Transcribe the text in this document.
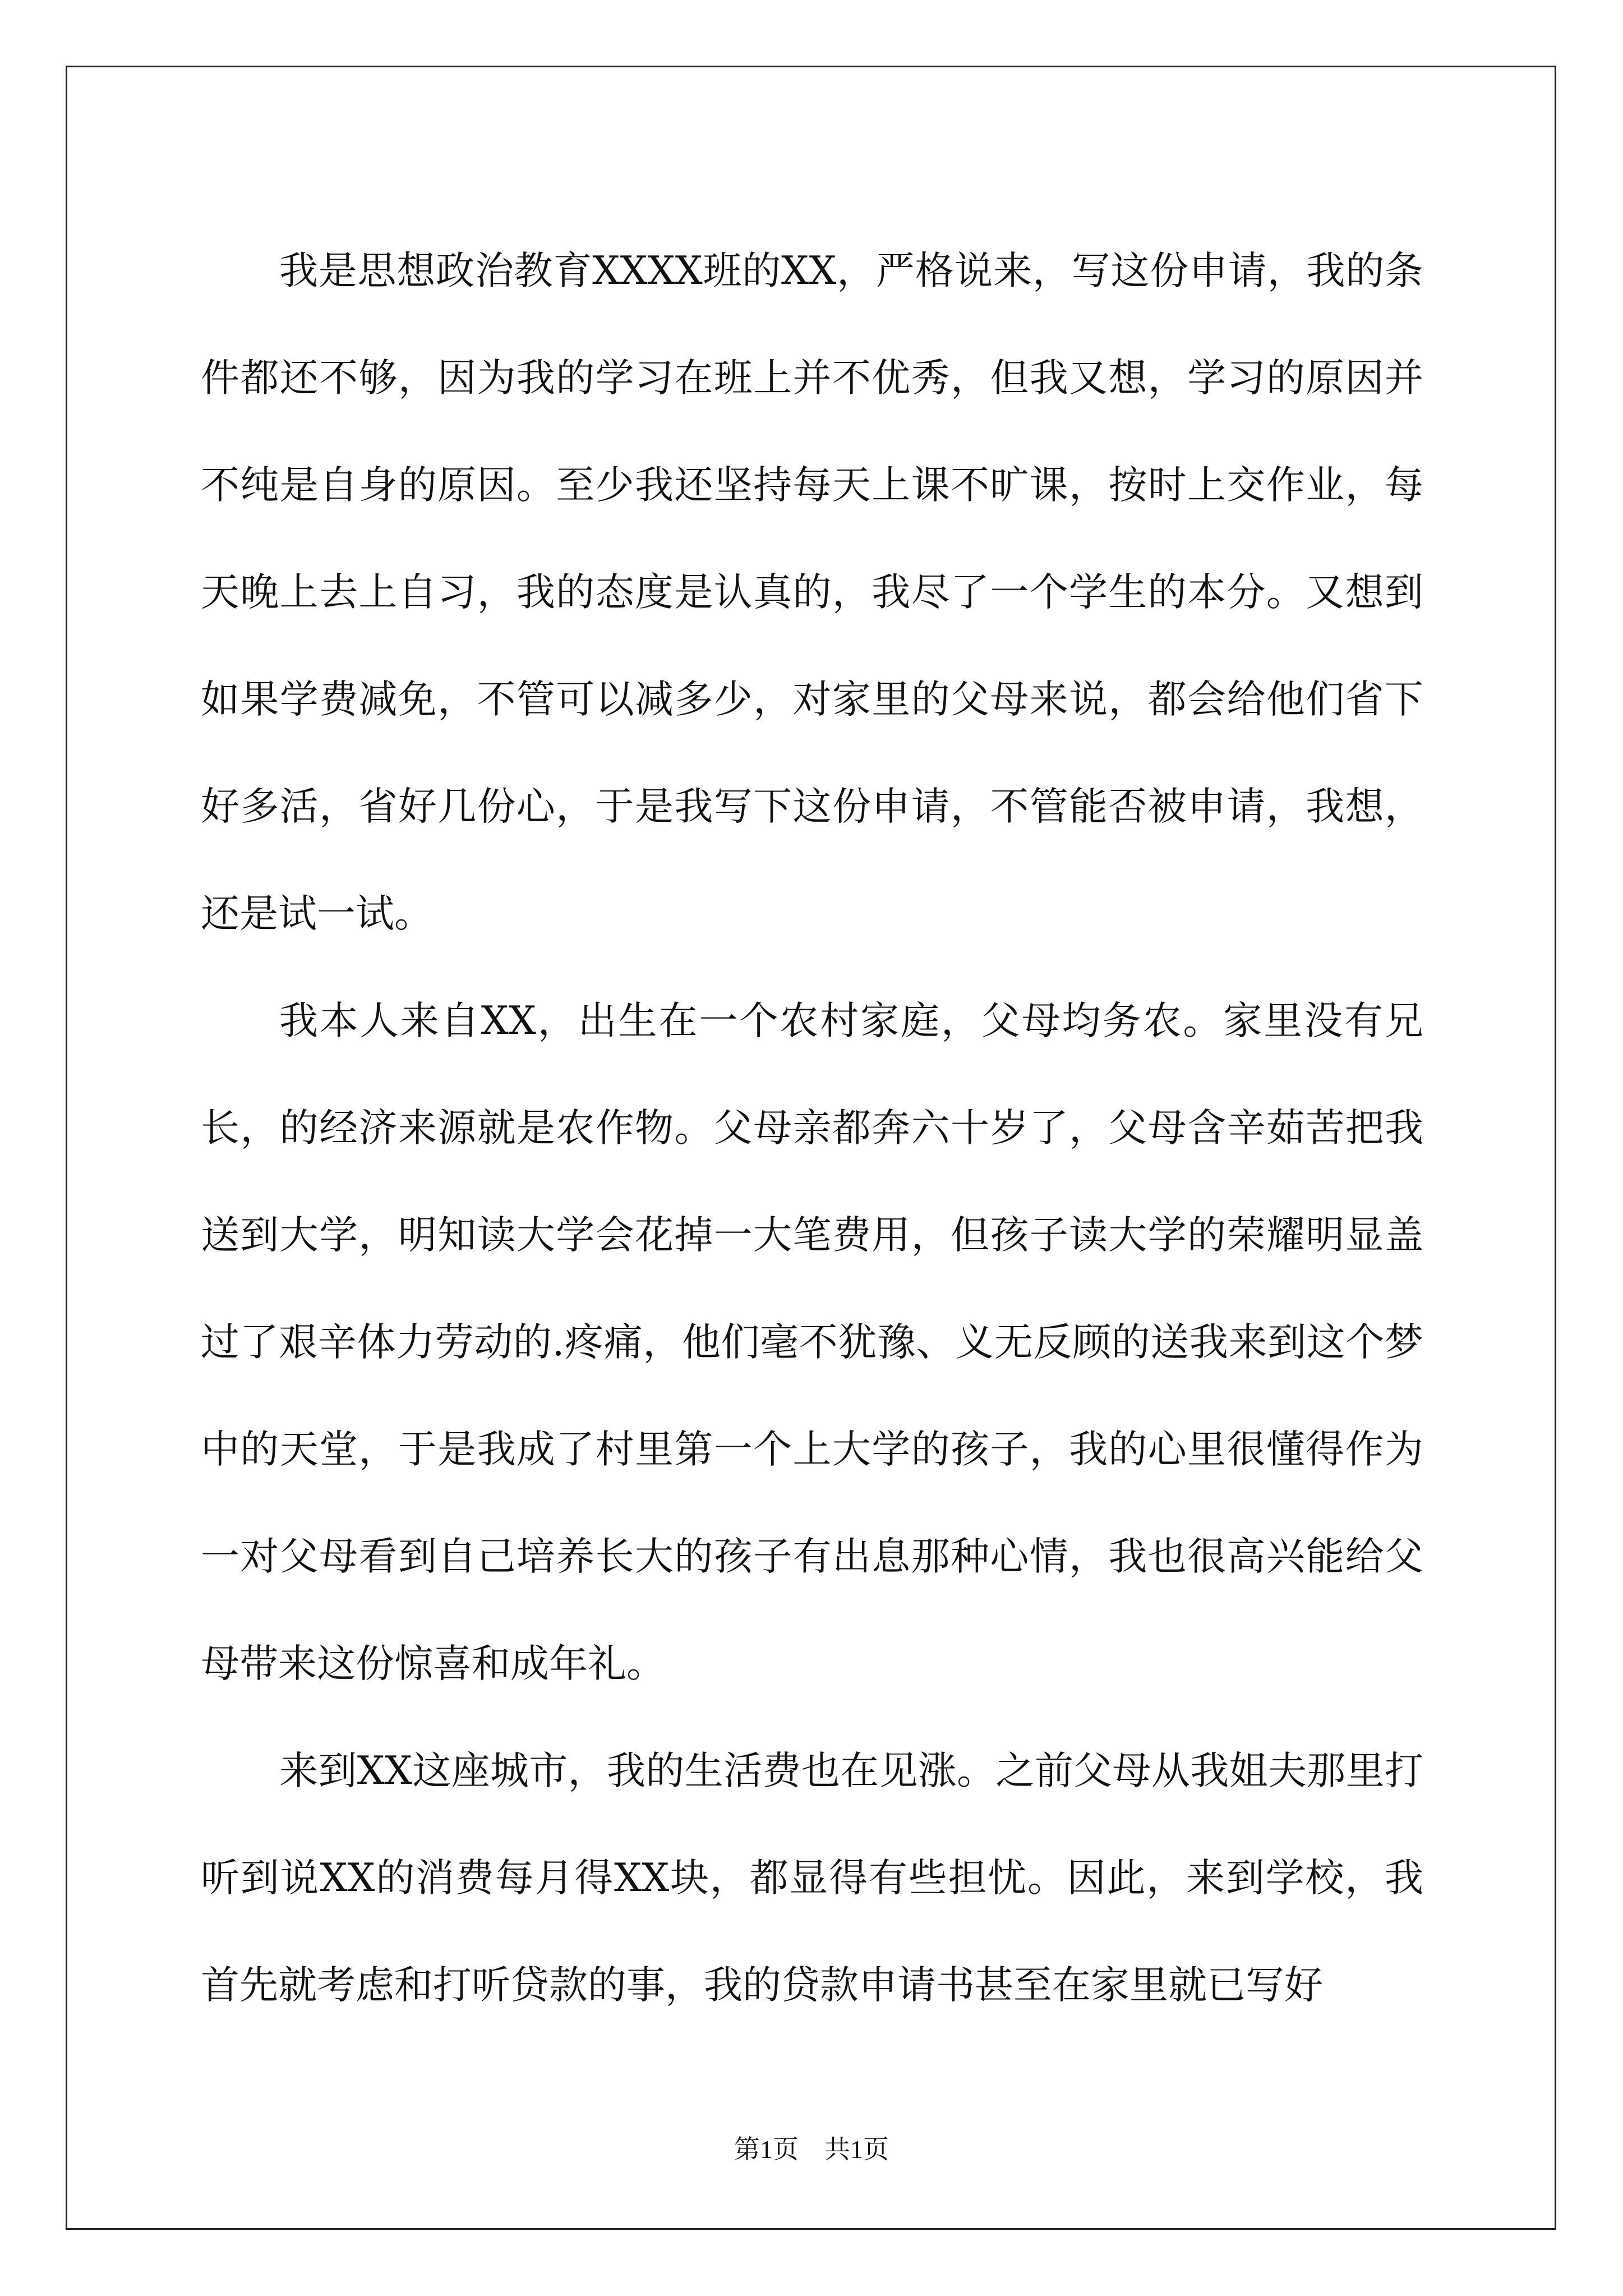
我是思想政治教育XXXX班的XX，严格说来，写这份申请，我的条件都还不够，因为我的学习在班上并不优秀，但我又想，学习的原因并不纯是自身的原因。至少我还坚持每天上课不旷课，按时上交作业，每天晚上去上自习，我的态度是认真的，我尽了一个学生的本分。又想到如果学费减免，不管可以减多少，对家里的父母来说，都会给他们省下好多活，省好几份心，于是我写下这份申请，不管能否被申请，我想，还是试一试。

我本人来自XX，出生在一个农村家庭，父母均务农。家里没有兄长，的经济来源就是农作物。父母亲都奔六十岁了，父母含辛茹苦把我送到大学，明知读大学会花掉一大笔费用，但孩子读大学的荣耀明显盖过了艰辛体力劳动的.疼痛，他们毫不犹豫、义无反顾的送我来到这个梦中的天堂，于是我成了村里第一个上大学的孩子，我的心里很懂得作为一对父母看到自己培养长大的孩子有出息那种心情，我也很高兴能给父母带来这份惊喜和成年礼。

来到XX这座城市，我的生活费也在见涨。之前父母从我姐夫那里打听到说XX的消费每月得XX块，都显得有些担忧。因此，来到学校，我首先就考虑和打听贷款的事，我的贷款申请书甚至在家里就已写好

第1页　共1页
